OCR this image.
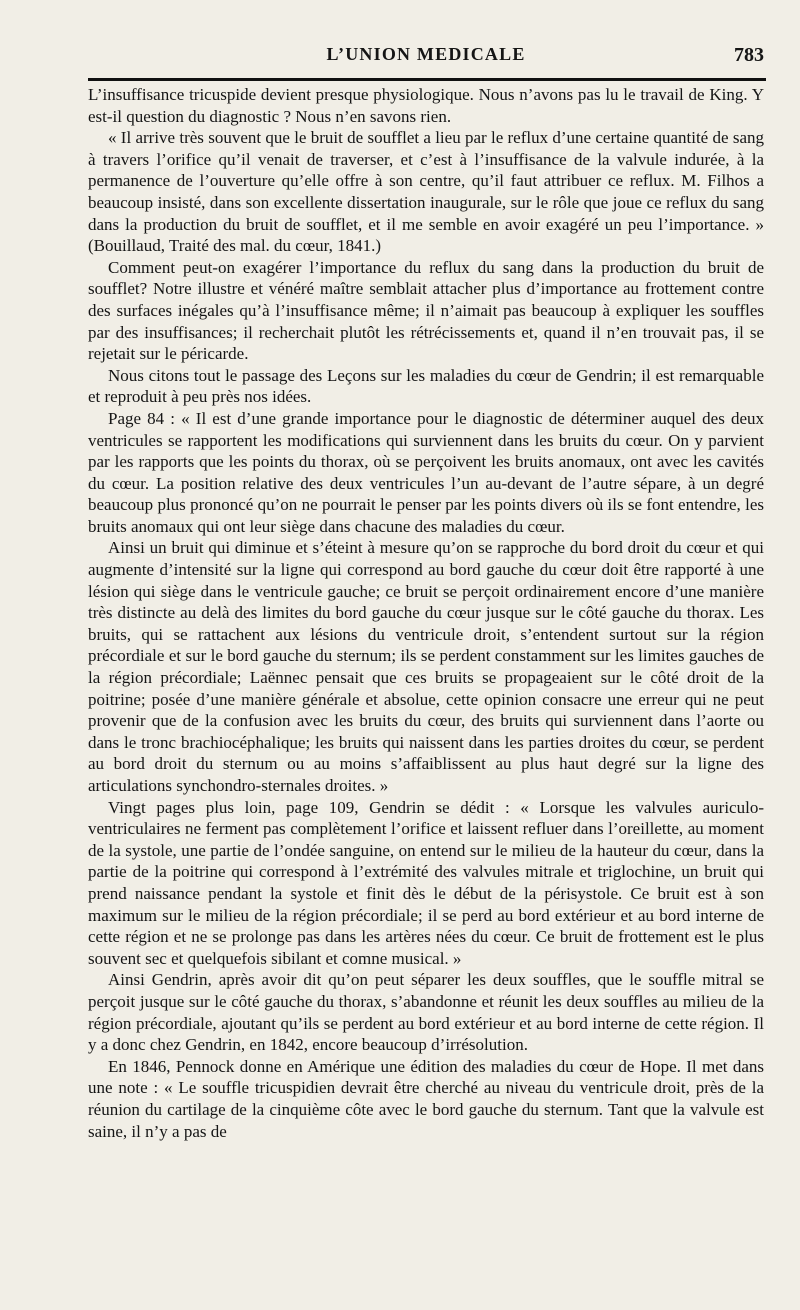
L’UNION MEDICALE	783

L’insuffisance tricuspide devient presque physiologique. Nous n’avons pas lu le travail de King. Y est-il question du diagnostic ? Nous n’en savons rien.

« Il arrive très souvent que le bruit de soufflet a lieu par le reflux d’une certaine quantité de sang à travers l’orifice qu’il venait de traverser, et c’est à l’insuffisance de la valvule indurée, à la permanence de l’ouverture qu’elle offre à son centre, qu’il faut attribuer ce reflux. M. Filhos a beaucoup insisté, dans son excellente dissertation inaugurale, sur le rôle que joue ce reflux du sang dans la production du bruit de soufflet, et il me semble en avoir exagéré un peu l’importance. » (Bouillaud, Traité des mal. du cœur, 1841.)

Comment peut-on exagérer l’importance du reflux du sang dans la production du bruit de soufflet? Notre illustre et vénéré maître semblait attacher plus d’importance au frottement contre des surfaces inégales qu’à l’insuffisance même; il n’aimait pas beaucoup à expliquer les souffles par des insuffisances; il recherchait plutôt les rétrécissements et, quand il n’en trouvait pas, il se rejetait sur le péricarde.

Nous citons tout le passage des Leçons sur les maladies du cœur de Gendrin; il est remarquable et reproduit à peu près nos idées.

Page 84 : « Il est d’une grande importance pour le diagnostic de déterminer auquel des deux ventricules se rapportent les modifications qui surviennent dans les bruits du cœur. On y parvient par les rapports que les points du thorax, où se perçoivent les bruits anomaux, ont avec les cavités du cœur. La position relative des deux ventricules l’un au-devant de l’autre sépare, à un degré beaucoup plus prononcé qu’on ne pourrait le penser par les points divers où ils se font entendre, les bruits anomaux qui ont leur siège dans chacune des maladies du cœur.

Ainsi un bruit qui diminue et s’éteint à mesure qu’on se rapproche du bord droit du cœur et qui augmente d’intensité sur la ligne qui correspond au bord gauche du cœur doit être rapporté à une lésion qui siège dans le ventricule gauche; ce bruit se perçoit ordinairement encore d’une manière très distincte au delà des limites du bord gauche du cœur jusque sur le côté gauche du thorax. Les bruits, qui se rattachent aux lésions du ventricule droit, s’entendent surtout sur la région précordiale et sur le bord gauche du sternum; ils se perdent constamment sur les limites gauches de la région précordiale; Laënnec pensait que ces bruits se propageaient sur le côté droit de la poitrine; posée d’une manière générale et absolue, cette opinion consacre une erreur qui ne peut provenir que de la confusion avec les bruits du cœur, des bruits qui surviennent dans l’aorte ou dans le tronc brachiocéphalique; les bruits qui naissent dans les parties droites du cœur, se perdent au bord droit du sternum ou au moins s’affaiblissent au plus haut degré sur la ligne des articulations synchondro-sternales droites. »

Vingt pages plus loin, page 109, Gendrin se dédit : « Lorsque les valvules auriculo-ventriculaires ne ferment pas complètement l’orifice et laissent refluer dans l’oreillette, au moment de la systole, une partie de l’ondée sanguine, on entend sur le milieu de la hauteur du cœur, dans la partie de la poitrine qui correspond à l’extrémité des valvules mitrale et triglochine, un bruit qui prend naissance pendant la systole et finit dès le début de la périsystole. Ce bruit est à son maximum sur le milieu de la région précordiale; il se perd au bord extérieur et au bord interne de cette région et ne se prolonge pas dans les artères nées du cœur. Ce bruit de frottement est le plus souvent sec et quelquefois sibilant et comne musical. »

Ainsi Gendrin, après avoir dit qu’on peut séparer les deux souffles, que le souffle mitral se perçoit jusque sur le côté gauche du thorax, s’abandonne et réunit les deux souffles au milieu de la région précordiale, ajoutant qu’ils se perdent au bord extérieur et au bord interne de cette région. Il y a donc chez Gendrin, en 1842, encore beaucoup d’irrésolution.

En 1846, Pennock donne en Amérique une édition des maladies du cœur de Hope. Il met dans une note : « Le souffle tricuspidien devrait être cherché au niveau du ventricule droit, près de la réunion du cartilage de la cinquième côte avec le bord gauche du sternum. Tant que la valvule est saine, il n’y a pas de
